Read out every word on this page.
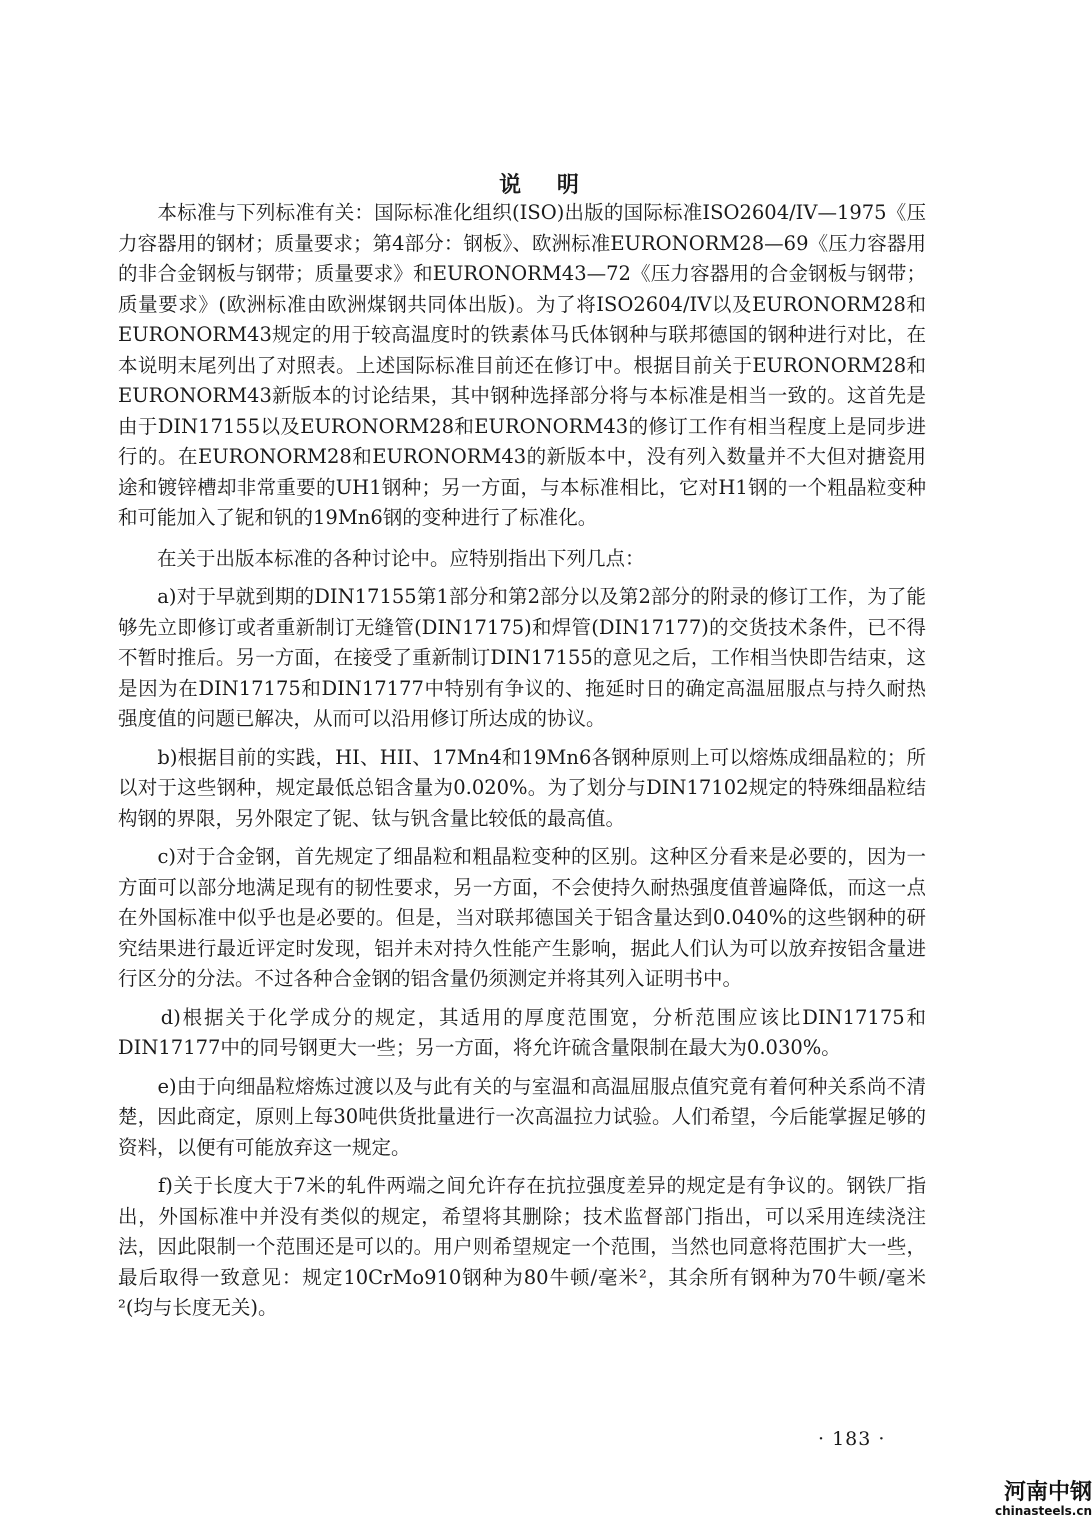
说 明

　　本标准与下列标准有关：国际标准化组织(ISO)出版的国际标准ISO2604/IV—1975《压力容器用的钢材；质量要求；第4部分：钢板》、欧洲标准EURONORM28—69《压力容器用的非合金钢板与钢带；质量要求》和EURONORM43—72《压力容器用的合金钢板与钢带；质量要求》(欧洲标准由欧洲煤钢共同体出版)。为了将ISO2604/IV以及EURONORM28和EURONORM43规定的用于较高温度时的铁素体马氏体钢种与联邦德国的钢种进行对比，在本说明末尾列出了对照表。上述国际标准目前还在修订中。根据目前关于EURONORM28和EURONORM43新版本的讨论结果，其中钢种选择部分将与本标准是相当一致的。这首先是由于DIN17155以及EURONORM28和EURONORM43的修订工作有相当程度上是同步进行的。在EURONORM28和EURONORM43的新版本中，没有列入数量并不大但对搪瓷用途和镀锌槽却非常重要的UH1钢种；另一方面，与本标准相比，它对H1钢的一个粗晶粒变种和可能加入了铌和钒的19Mn6钢的变种进行了标准化。

　　在关于出版本标准的各种讨论中。应特别指出下列几点：

　　a)对于早就到期的DIN17155第1部分和第2部分以及第2部分的附录的修订工作，为了能够先立即修订或者重新制订无缝管(DIN17175)和焊管(DIN17177)的交货技术条件，已不得不暂时推后。另一方面，在接受了重新制订DIN17155的意见之后，工作相当快即告结束，这是因为在DIN17175和DIN17177中特别有争议的、拖延时日的确定高温屈服点与持久耐热强度值的问题已解决，从而可以沿用修订所达成的协议。

　　b)根据目前的实践，HI、HII、17Mn4和19Mn6各钢种原则上可以熔炼成细晶粒的；所以对于这些钢种，规定最低总铝含量为0.020%。为了划分与DIN17102规定的特殊细晶粒结构钢的界限，另外限定了铌、钛与钒含量比较低的最高值。

　　c)对于合金钢，首先规定了细晶粒和粗晶粒变种的区别。这种区分看来是必要的，因为一方面可以部分地满足现有的韧性要求，另一方面，不会使持久耐热强度值普遍降低，而这一点在外国标准中似乎也是必要的。但是，当对联邦德国关于铝含量达到0.040%的这些钢种的研究结果进行最近评定时发现，铝并未对持久性能产生影响，据此人们认为可以放弃按铝含量进行区分的分法。不过各种合金钢的铝含量仍须测定并将其列入证明书中。

　　d)根据关于化学成分的规定，其适用的厚度范围宽，分析范围应该比DIN17175和DIN17177中的同号钢更大一些；另一方面，将允许硫含量限制在最大为0.030%。

　　e)由于向细晶粒熔炼过渡以及与此有关的与室温和高温屈服点值究竟有着何种关系尚不清楚，因此商定，原则上每30吨供货批量进行一次高温拉力试验。人们希望，今后能掌握足够的资料，以便有可能放弃这一规定。

　　f)关于长度大于7米的轧件两端之间允许存在抗拉强度差异的规定是有争议的。钢铁厂指出，外国标准中并没有类似的规定，希望将其删除；技术监督部门指出，可以采用连续浇注法，因此限制一个范围还是可以的。用户则希望规定一个范围，当然也同意将范围扩大一些，最后取得一致意见：规定10CrMo910钢种为80牛顿/毫米²，其余所有钢种为70牛顿/毫米²(均与长度无关)。

· 183 ·
河南中钢
chinasteels.cn
